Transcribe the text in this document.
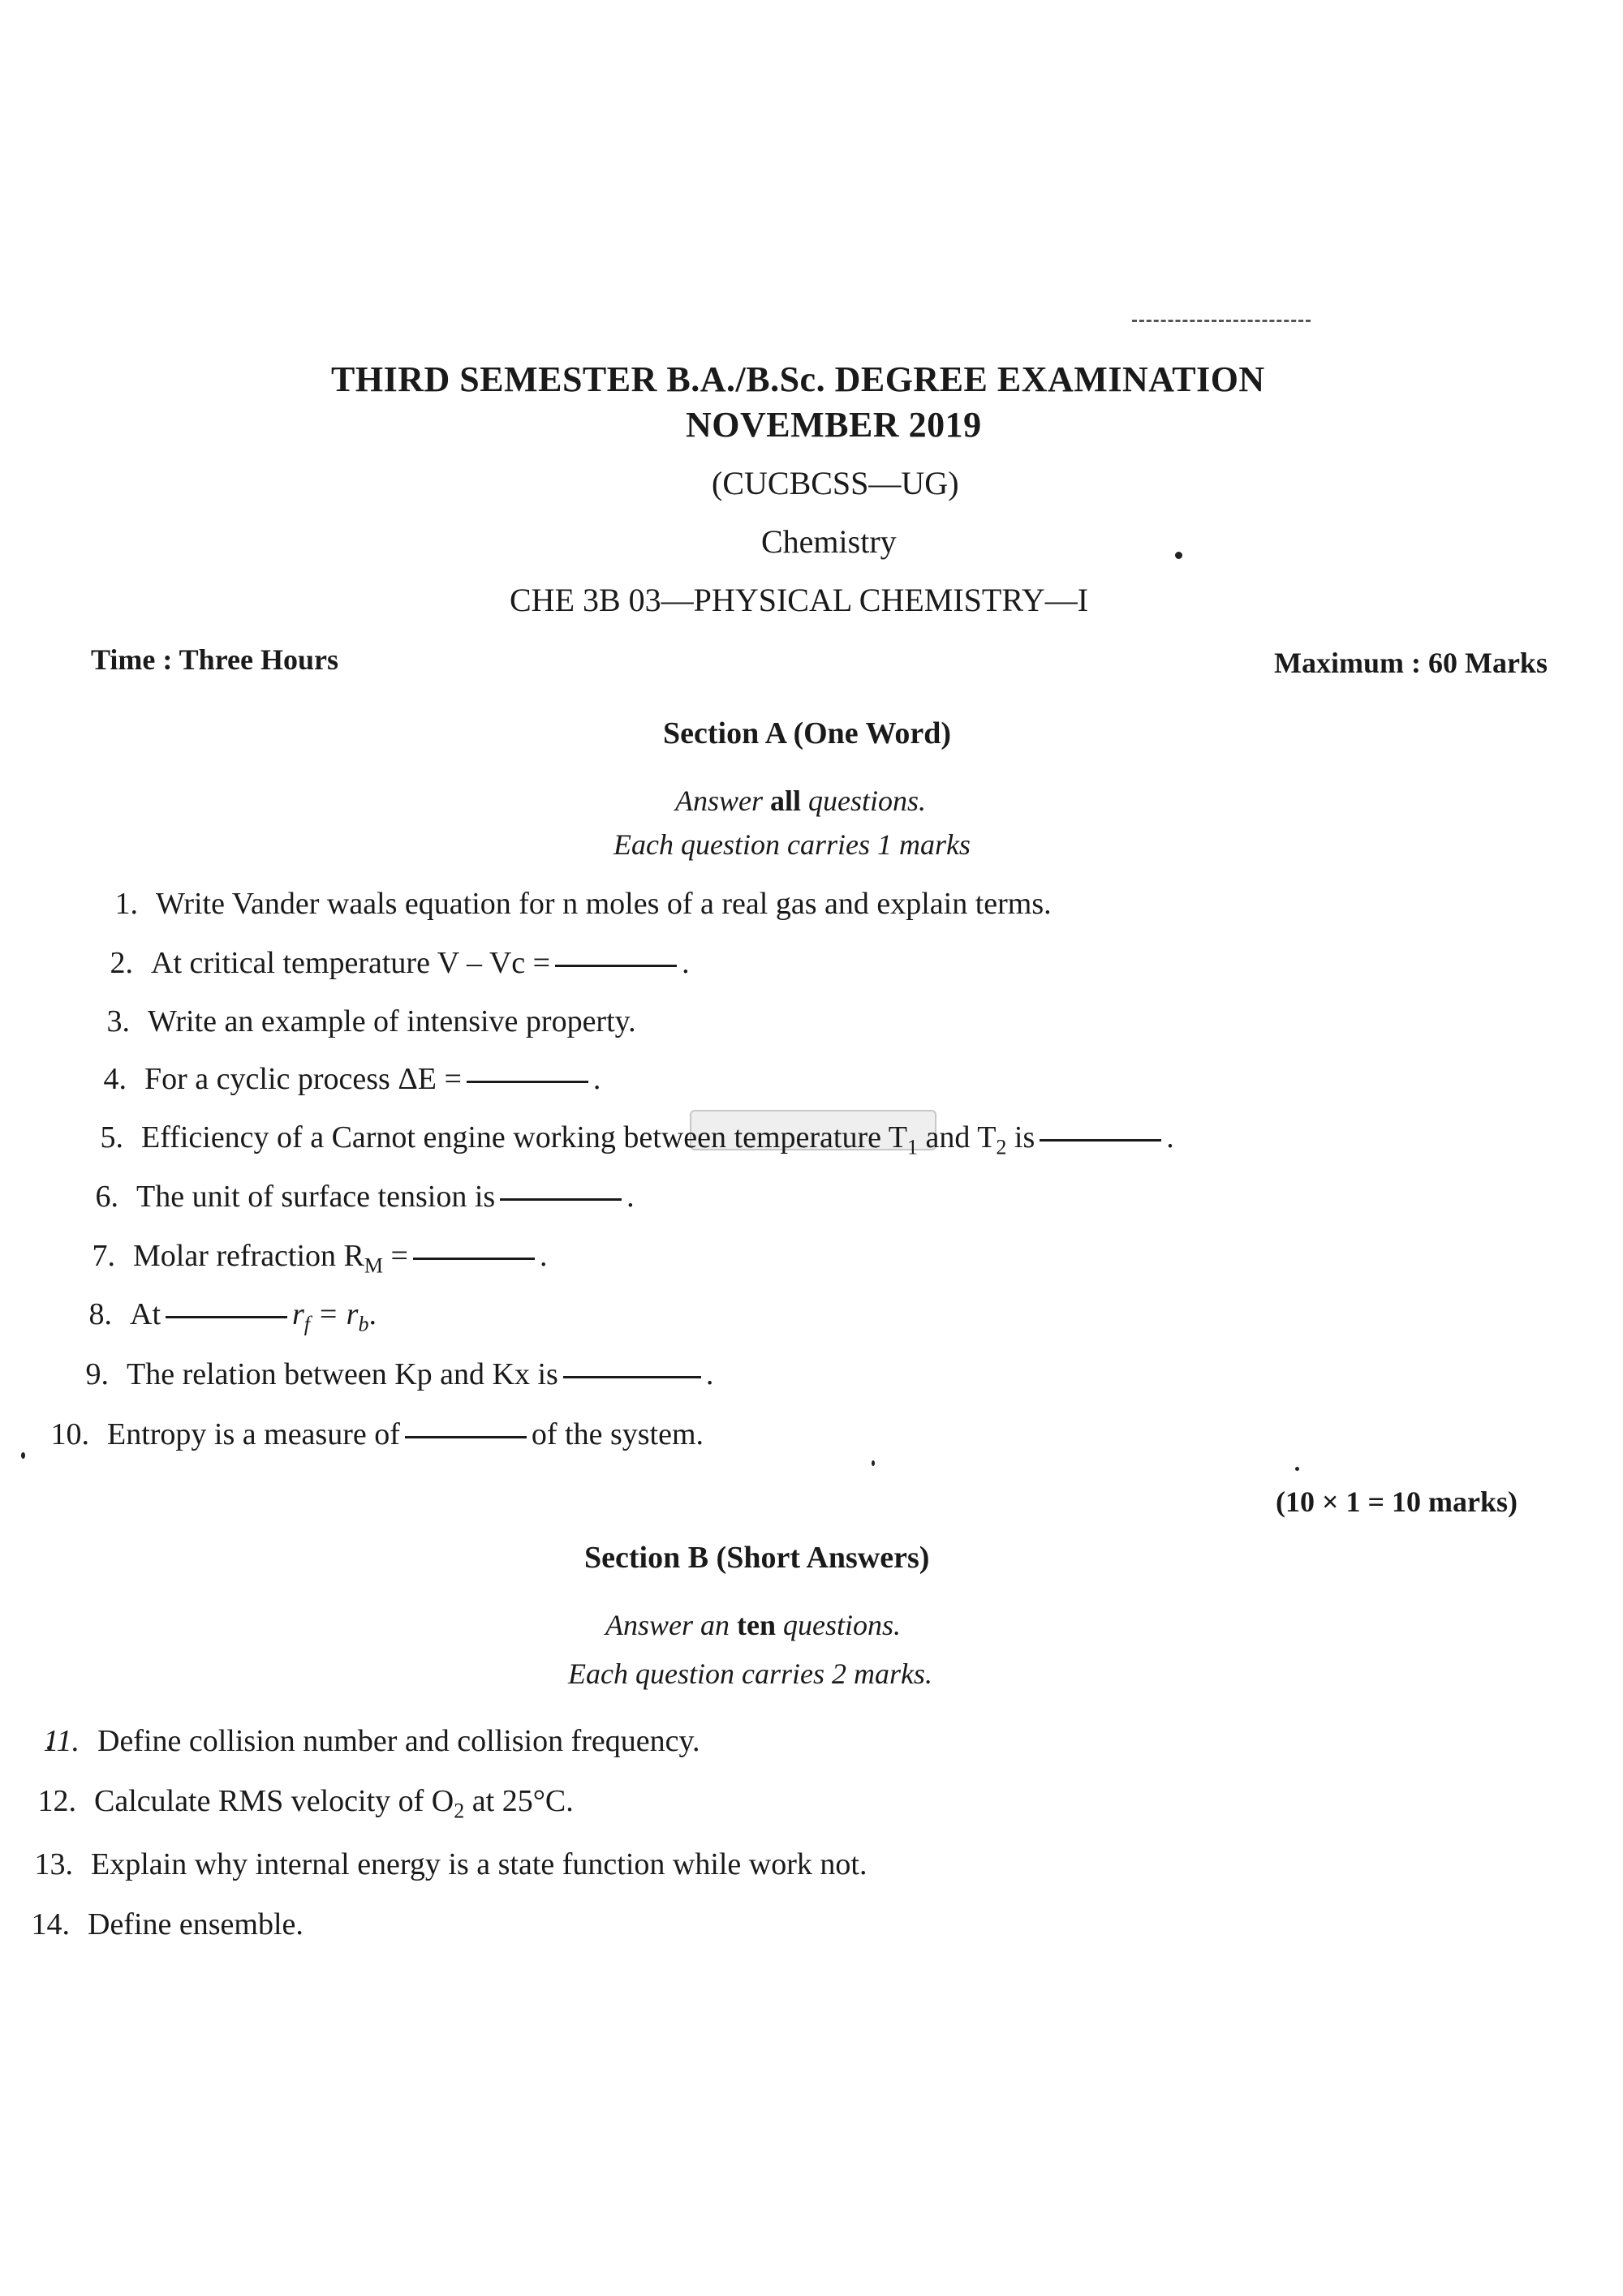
THIRD SEMESTER B.A./B.Sc. DEGREE EXAMINATION
NOVEMBER 2019
(CUCBCSS—UG)
Chemistry
CHE 3B 03—PHYSICAL CHEMISTRY—I
Time : Three Hours	Maximum : 60 Marks
Section A (One Word)
Answer all questions.
Each question carries 1 marks
1. Write Vander waals equation for n moles of a real gas and explain terms.
2. At critical temperature V – Vc =	.
3. Write an example of intensive property.
4. For a cyclic process ΔE =	.
5. Efficiency of a Carnot engine working between temperature $T_1$ and $T_2$ is	.
6. The unit of surface tension is	.
7. Molar refraction $R_M$ =	.
8. At	$r_f = r_b$.
9. The relation between Kp and Kx is	.
10. Entropy is a measure of	of the system.
(10 × 1 = 10 marks)
Section B (Short Answers)
Answer an ten questions.
Each question carries 2 marks.
11. Define collision number and collision frequency.
12. Calculate RMS velocity of $O_2$ at 25°C.
13. Explain why internal energy is a state function while work not.
14. Define ensemble.
